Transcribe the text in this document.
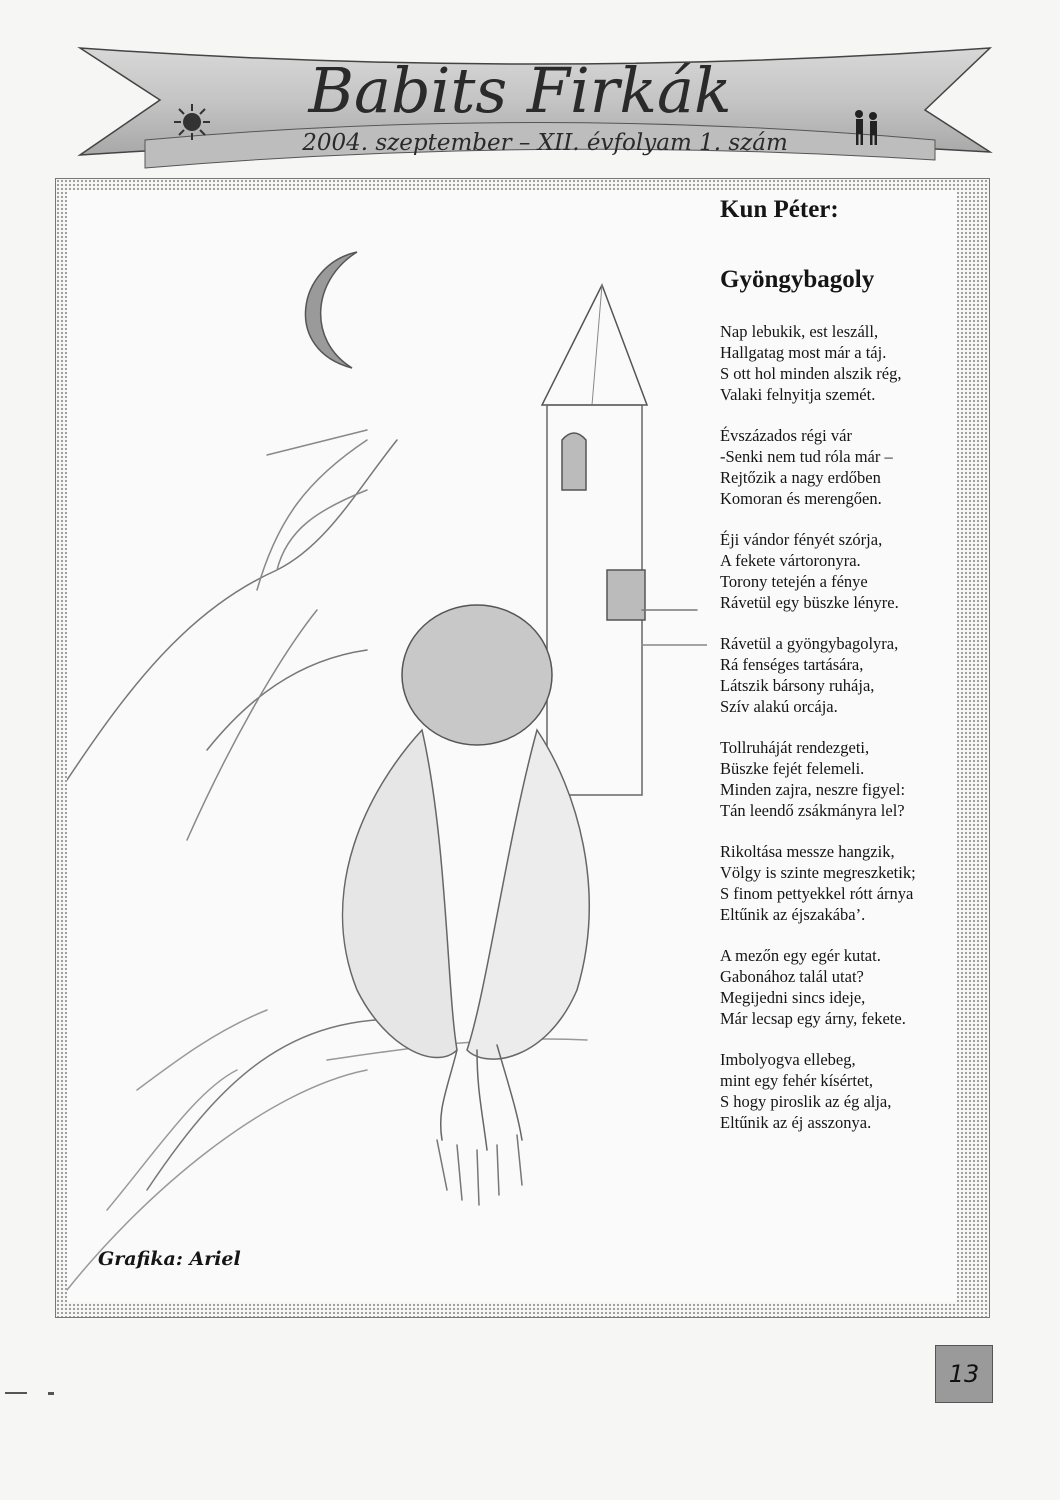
Babits Firkák
2004. szeptember – XII. évfolyam 1. szám
Kun Péter:
Gyöngybagoly
Nap lebukik, est leszáll,
Hallgatag most már a táj.
S ott hol minden alszik rég,
Valaki felnyitja szemét.
Évszázados régi vár
-Senki nem tud róla már –
Rejtőzik a nagy erdőben
Komoran és merengően.
Éji vándor fényét szórja,
A fekete vártoronyra.
Torony tetején a fénye
Rávetül egy büszke lényre.
Rávetül a gyöngybagolyra,
Rá fenséges tartására,
Látszik bársony ruhája,
Szív alakú orcája.
Tollruháját rendezgeti,
Büszke fejét felemeli.
Minden zajra, neszre figyel:
Tán leendő zsákmányra lel?
Rikoltása messze hangzik,
Völgy is szinte megreszketik;
S finom pettyekkel rótt árnya
Eltűnik az éjszakába’.
A mezőn egy egér kutat.
Gabonához talál utat?
Megijedni sincs ideje,
Már lecsap egy árny, fekete.
Imbolyogva ellebeg,
mint egy fehér kísértet,
S hogy piroslik az ég alja,
Eltűnik az éj asszonya.
Grafika: Ariel
13
